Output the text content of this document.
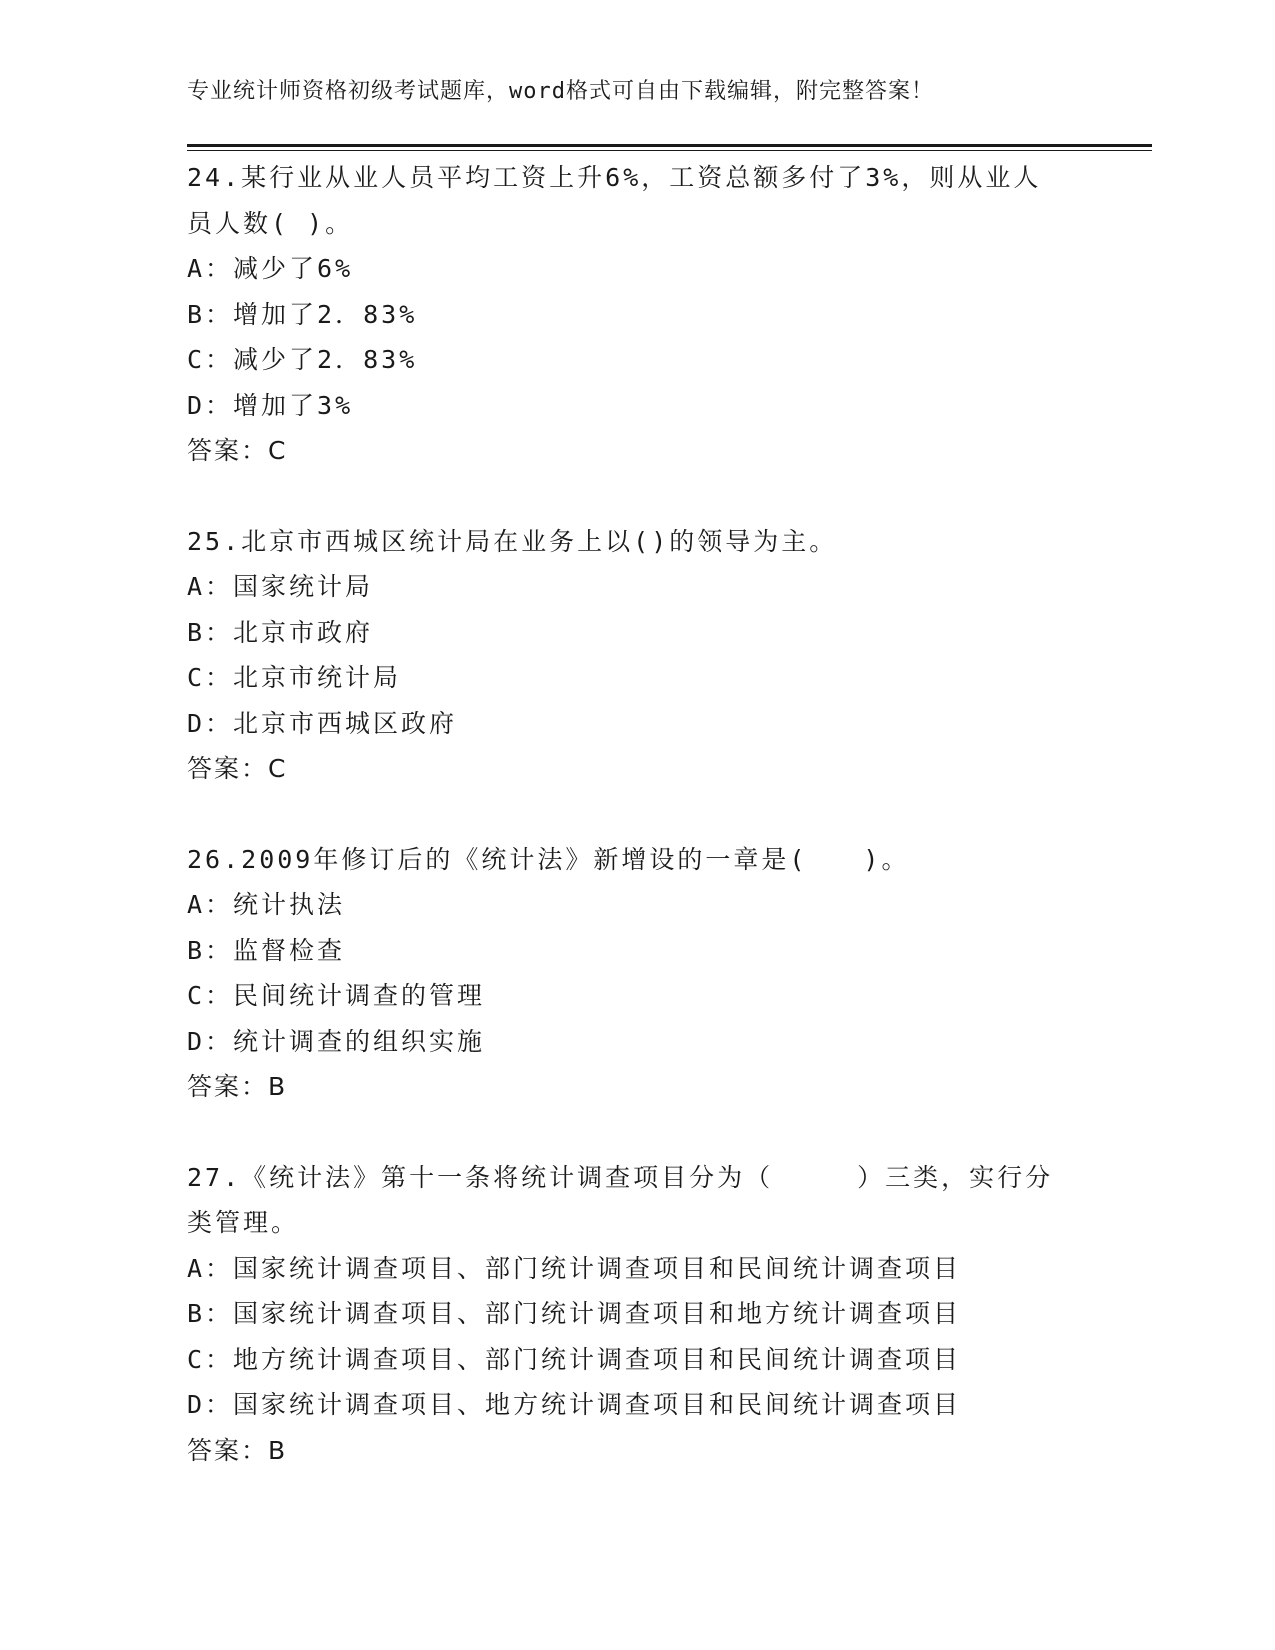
专业统计师资格初级考试题库，word格式可自由下载编辑，附完整答案！
24.某行业从业人员平均工资上升6%，工资总额多付了3%，则从业人员人数( )。
A：减少了6%
B：增加了2．83%
C：减少了2．83%
D：增加了3%
答案：C
25.北京市西城区统计局在业务上以()的领导为主。
A：国家统计局
B：北京市政府
C：北京市统计局
D：北京市西城区政府
答案：C
26.2009年修订后的《统计法》新增设的一章是(　　)。
A：统计执法
B：监督检查
C：民间统计调查的管理
D：统计调查的组织实施
答案：B
27.《统计法》第十一条将统计调查项目分为（　　　）三类，实行分类管理。
A：国家统计调查项目、部门统计调查项目和民间统计调查项目
B：国家统计调查项目、部门统计调查项目和地方统计调查项目
C：地方统计调查项目、部门统计调查项目和民间统计调查项目
D：国家统计调查项目、地方统计调查项目和民间统计调查项目
答案：B
